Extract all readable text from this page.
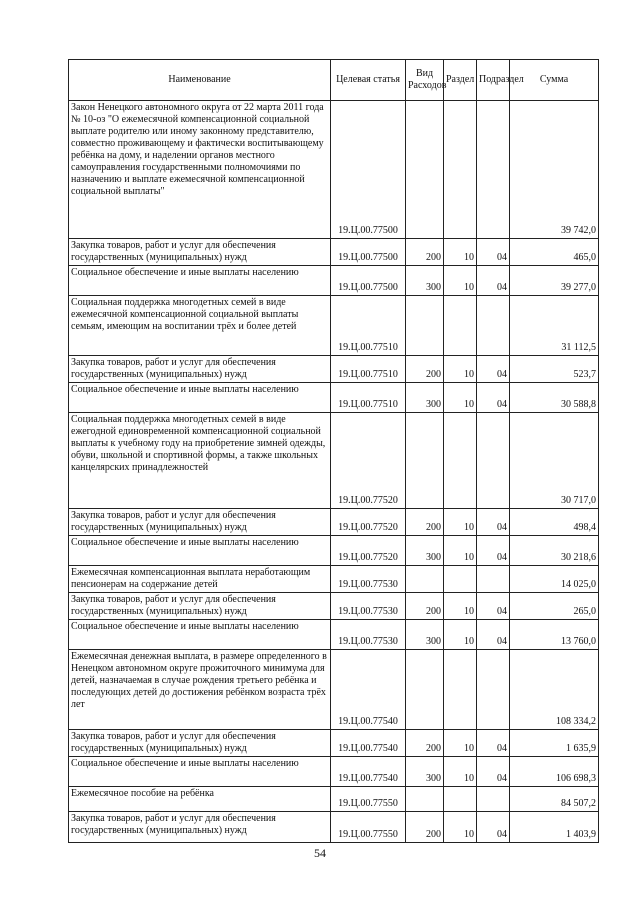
Наименование	Целевая статья	Вид Расходов	Раздел	Подраздел	Сумма
Закон Ненецкого автономного округа от 22 марта 2011 года № 10-оз "О ежемесячной компенсационной социальной выплате родителю или иному законному представителю, совместно проживающему и фактически воспитывающему ребёнка на дому, и наделении органов местного самоуправления государственными полномочиями по назначению и выплате ежемесячной компенсационной социальной выплаты"	19.Ц.00.77500				39 742,0
Закупка товаров, работ и услуг для обеспечения государственных (муниципальных) нужд	19.Ц.00.77500	200	10	04	465,0
Социальное обеспечение и иные выплаты населению	19.Ц.00.77500	300	10	04	39 277,0
Социальная поддержка многодетных семей в виде ежемесячной компенсационной социальной выплаты семьям, имеющим на воспитании трёх и более детей	19.Ц.00.77510				31 112,5
Закупка товаров, работ и услуг для обеспечения государственных (муниципальных) нужд	19.Ц.00.77510	200	10	04	523,7
Социальное обеспечение и иные выплаты населению	19.Ц.00.77510	300	10	04	30 588,8
Социальная поддержка многодетных семей в виде ежегодной единовременной компенсационной социальной выплаты к учебному году на приобретение зимней одежды, обуви, школьной и спортивной формы, а также школьных канцелярских принадлежностей	19.Ц.00.77520				30 717,0
Закупка товаров, работ и услуг для обеспечения государственных (муниципальных) нужд	19.Ц.00.77520	200	10	04	498,4
Социальное обеспечение и иные выплаты населению	19.Ц.00.77520	300	10	04	30 218,6
Ежемесячная компенсационная выплата неработающим пенсионерам на содержание детей	19.Ц.00.77530				14 025,0
Закупка товаров, работ и услуг для обеспечения государственных (муниципальных) нужд	19.Ц.00.77530	200	10	04	265,0
Социальное обеспечение и иные выплаты населению	19.Ц.00.77530	300	10	04	13 760,0
Ежемесячная денежная выплата, в размере определенного в Ненецком автономном округе прожиточного минимума для детей, назначаемая в случае рождения третьего ребёнка и последующих детей до достижения ребёнком возраста трёх лет	19.Ц.00.77540				108 334,2
Закупка товаров, работ и услуг для обеспечения государственных (муниципальных) нужд	19.Ц.00.77540	200	10	04	1 635,9
Социальное обеспечение и иные выплаты населению	19.Ц.00.77540	300	10	04	106 698,3
Ежемесячное пособие на ребёнка	19.Ц.00.77550				84 507,2
Закупка товаров, работ и услуг для обеспечения государственных (муниципальных) нужд	19.Ц.00.77550	200	10	04	1 403,9
54
